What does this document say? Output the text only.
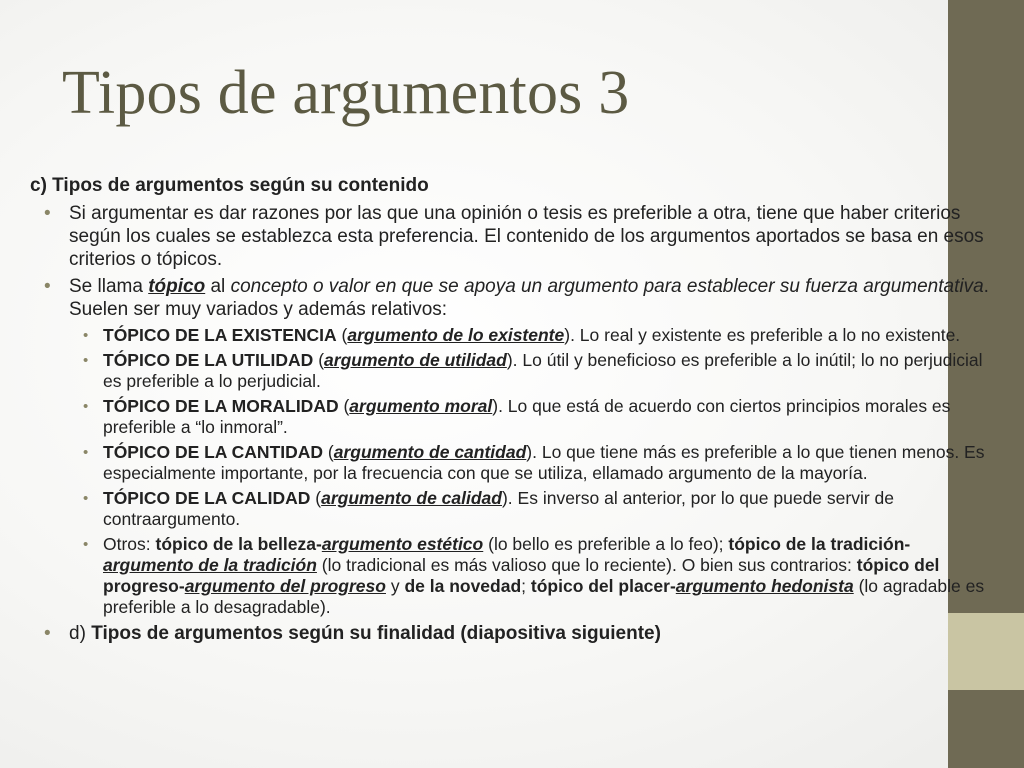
Tipos de argumentos 3

c) Tipos de argumentos según su contenido

• Si argumentar es dar razones por las que una opinión o tesis es preferible a otra, tiene que haber criterios según los cuales se establezca esta preferencia. El contenido de los argumentos aportados se basa en esos criterios o tópicos.
• Se llama tópico al concepto o valor en que se apoya un argumento para establecer su fuerza argumentativa. Suelen ser muy variados y además relativos:
• TÓPICO DE LA EXISTENCIA (argumento de lo existente). Lo real y existente es preferible a lo no existente.
• TÓPICO DE LA UTILIDAD (argumento de utilidad). Lo útil y beneficioso es preferible a lo inútil; lo no perjudicial es preferible a lo perjudicial.
• TÓPICO DE LA MORALIDAD (argumento moral). Lo que está de acuerdo con ciertos principios morales es preferible a “lo inmoral”.
• TÓPICO DE LA CANTIDAD (argumento de cantidad). Lo que tiene más es preferible a lo que tienen menos. Es especialmente importante, por la frecuencia con que se utiliza, ellamado argumento de la mayoría.
• TÓPICO DE LA CALIDAD (argumento de calidad). Es inverso al anterior, por lo que puede servir de contraargumento.
• Otros: tópico de la belleza-argumento estético (lo bello es preferible a lo feo); tópico de la tradición-argumento de la tradición (lo tradicional es más valioso que lo reciente). O bien sus contrarios: tópico del progreso-argumento del progreso y de la novedad; tópico del placer-argumento hedonista (lo agradable es preferible a lo desagradable).
• d) Tipos de argumentos según su finalidad (diapositiva siguiente)
